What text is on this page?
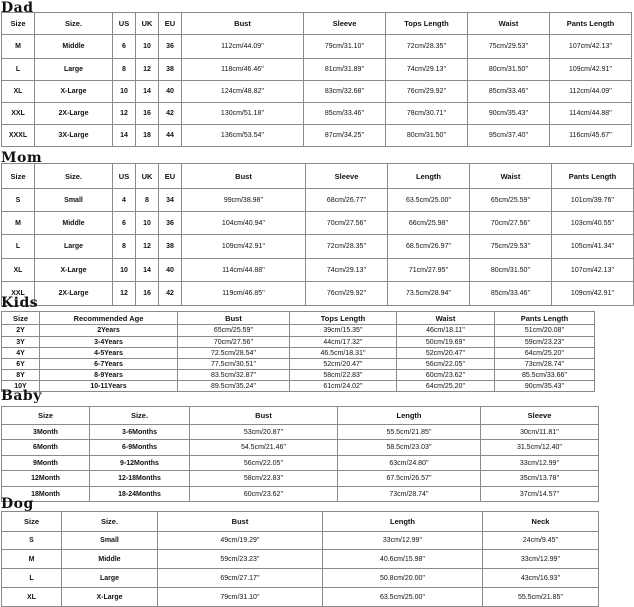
Dad
Size	Size.	US	UK	EU	Bust	Sleeve	Tops Length	Waist	Pants Length
M	Middle	6	10	36	112cm/44.09''	79cm/31.10''	72cm/28.35''	75cm/29.53''	107cm/42.13''
L	Large	8	12	38	118cm/46.46''	81cm/31.89''	74cm/29.13''	80cm/31.50''	109cm/42.91''
XL	X-Large	10	14	40	124cm/48.82''	83cm/32.68''	76cm/29.92''	85cm/33.46''	112cm/44.09''
XXL	2X-Large	12	16	42	130cm/51.18''	85cm/33.46''	78cm/30.71''	90cm/35.43''	114cm/44.88''
XXXL	3X-Large	14	18	44	136cm/53.54''	87cm/34.25''	80cm/31.50''	95cm/37.40''	116cm/45.67''
Mom
Size	Size.	US	UK	EU	Bust	Sleeve	Length	Waist	Pants Length
S	Small	4	8	34	99cm/38.98''	68cm/26.77''	63.5cm/25.00''	65cm/25.59''	101cm/39.76''
M	Middle	6	10	36	104cm/40.94''	70cm/27.56''	66cm/25.98''	70cm/27.56''	103cm/40.55''
L	Large	8	12	38	109cm/42.91''	72cm/28.35''	68.5cm/26.97''	75cm/29.53''	105cm/41.34''
XL	X-Large	10	14	40	114cm/44.88''	74cm/29.13''	71cm/27.95''	80cm/31.50''	107cm/42.13''
XXL	2X-Large	12	16	42	119cm/46.85''	76cm/29.92''	73.5cm/28.94''	85cm/33.46''	109cm/42.91''
Kids
Size	Recommended Age	Bust	Tops Length	Waist	Pants Length
2Y	2Years	65cm/25.59''	39cm/15.35''	46cm/18.11''	51cm/20.08''
3Y	3-4Years	70cm/27.56''	44cm/17.32''	50cm/19.69''	59cm/23.23''
4Y	4-5Years	72.5cm/28.54''	46.5cm/18.31''	52cm/20.47''	64cm/25.20''
6Y	6-7Years	77.5cm/30.51''	52cm/20.47''	56cm/22.05''	73cm/28.74''
8Y	8-9Years	83.5cm/32.87''	58cm/22.83''	60cm/23.62''	85.5cm/33.66''
10Y	10-11Years	89.5cm/35.24''	61cm/24.02''	64cm/25.20''	90cm/35.43''
Baby
Size	Size.	Bust	Length	Sleeve
3Month	3-6Months	53cm/20.87''	55.5cm/21.85''	30cm/11.81''
6Month	6-9Months	54.5cm/21.46''	58.5cm/23.03''	31.5cm/12.40''
9Month	9-12Months	56cm/22.05''	63cm/24.80''	33cm/12.99''
12Month	12-18Months	58cm/22.83''	67.5cm/26.57''	35cm/13.78''
18Month	18-24Months	60cm/23.62''	73cm/28.74''	37cm/14.57''
Dog
Size	Size.	Bust	Length	Neck
S	Small	49cm/19.29''	33cm/12.99''	24cm/9.45''
M	Middle	59cm/23.23''	40.6cm/15.98''	33cm/12.99''
L	Large	69cm/27.17''	50.8cm/20.00''	43cm/16.93''
XL	X-Large	79cm/31.10''	63.5cm/25.00''	55.5cm/21.85''
